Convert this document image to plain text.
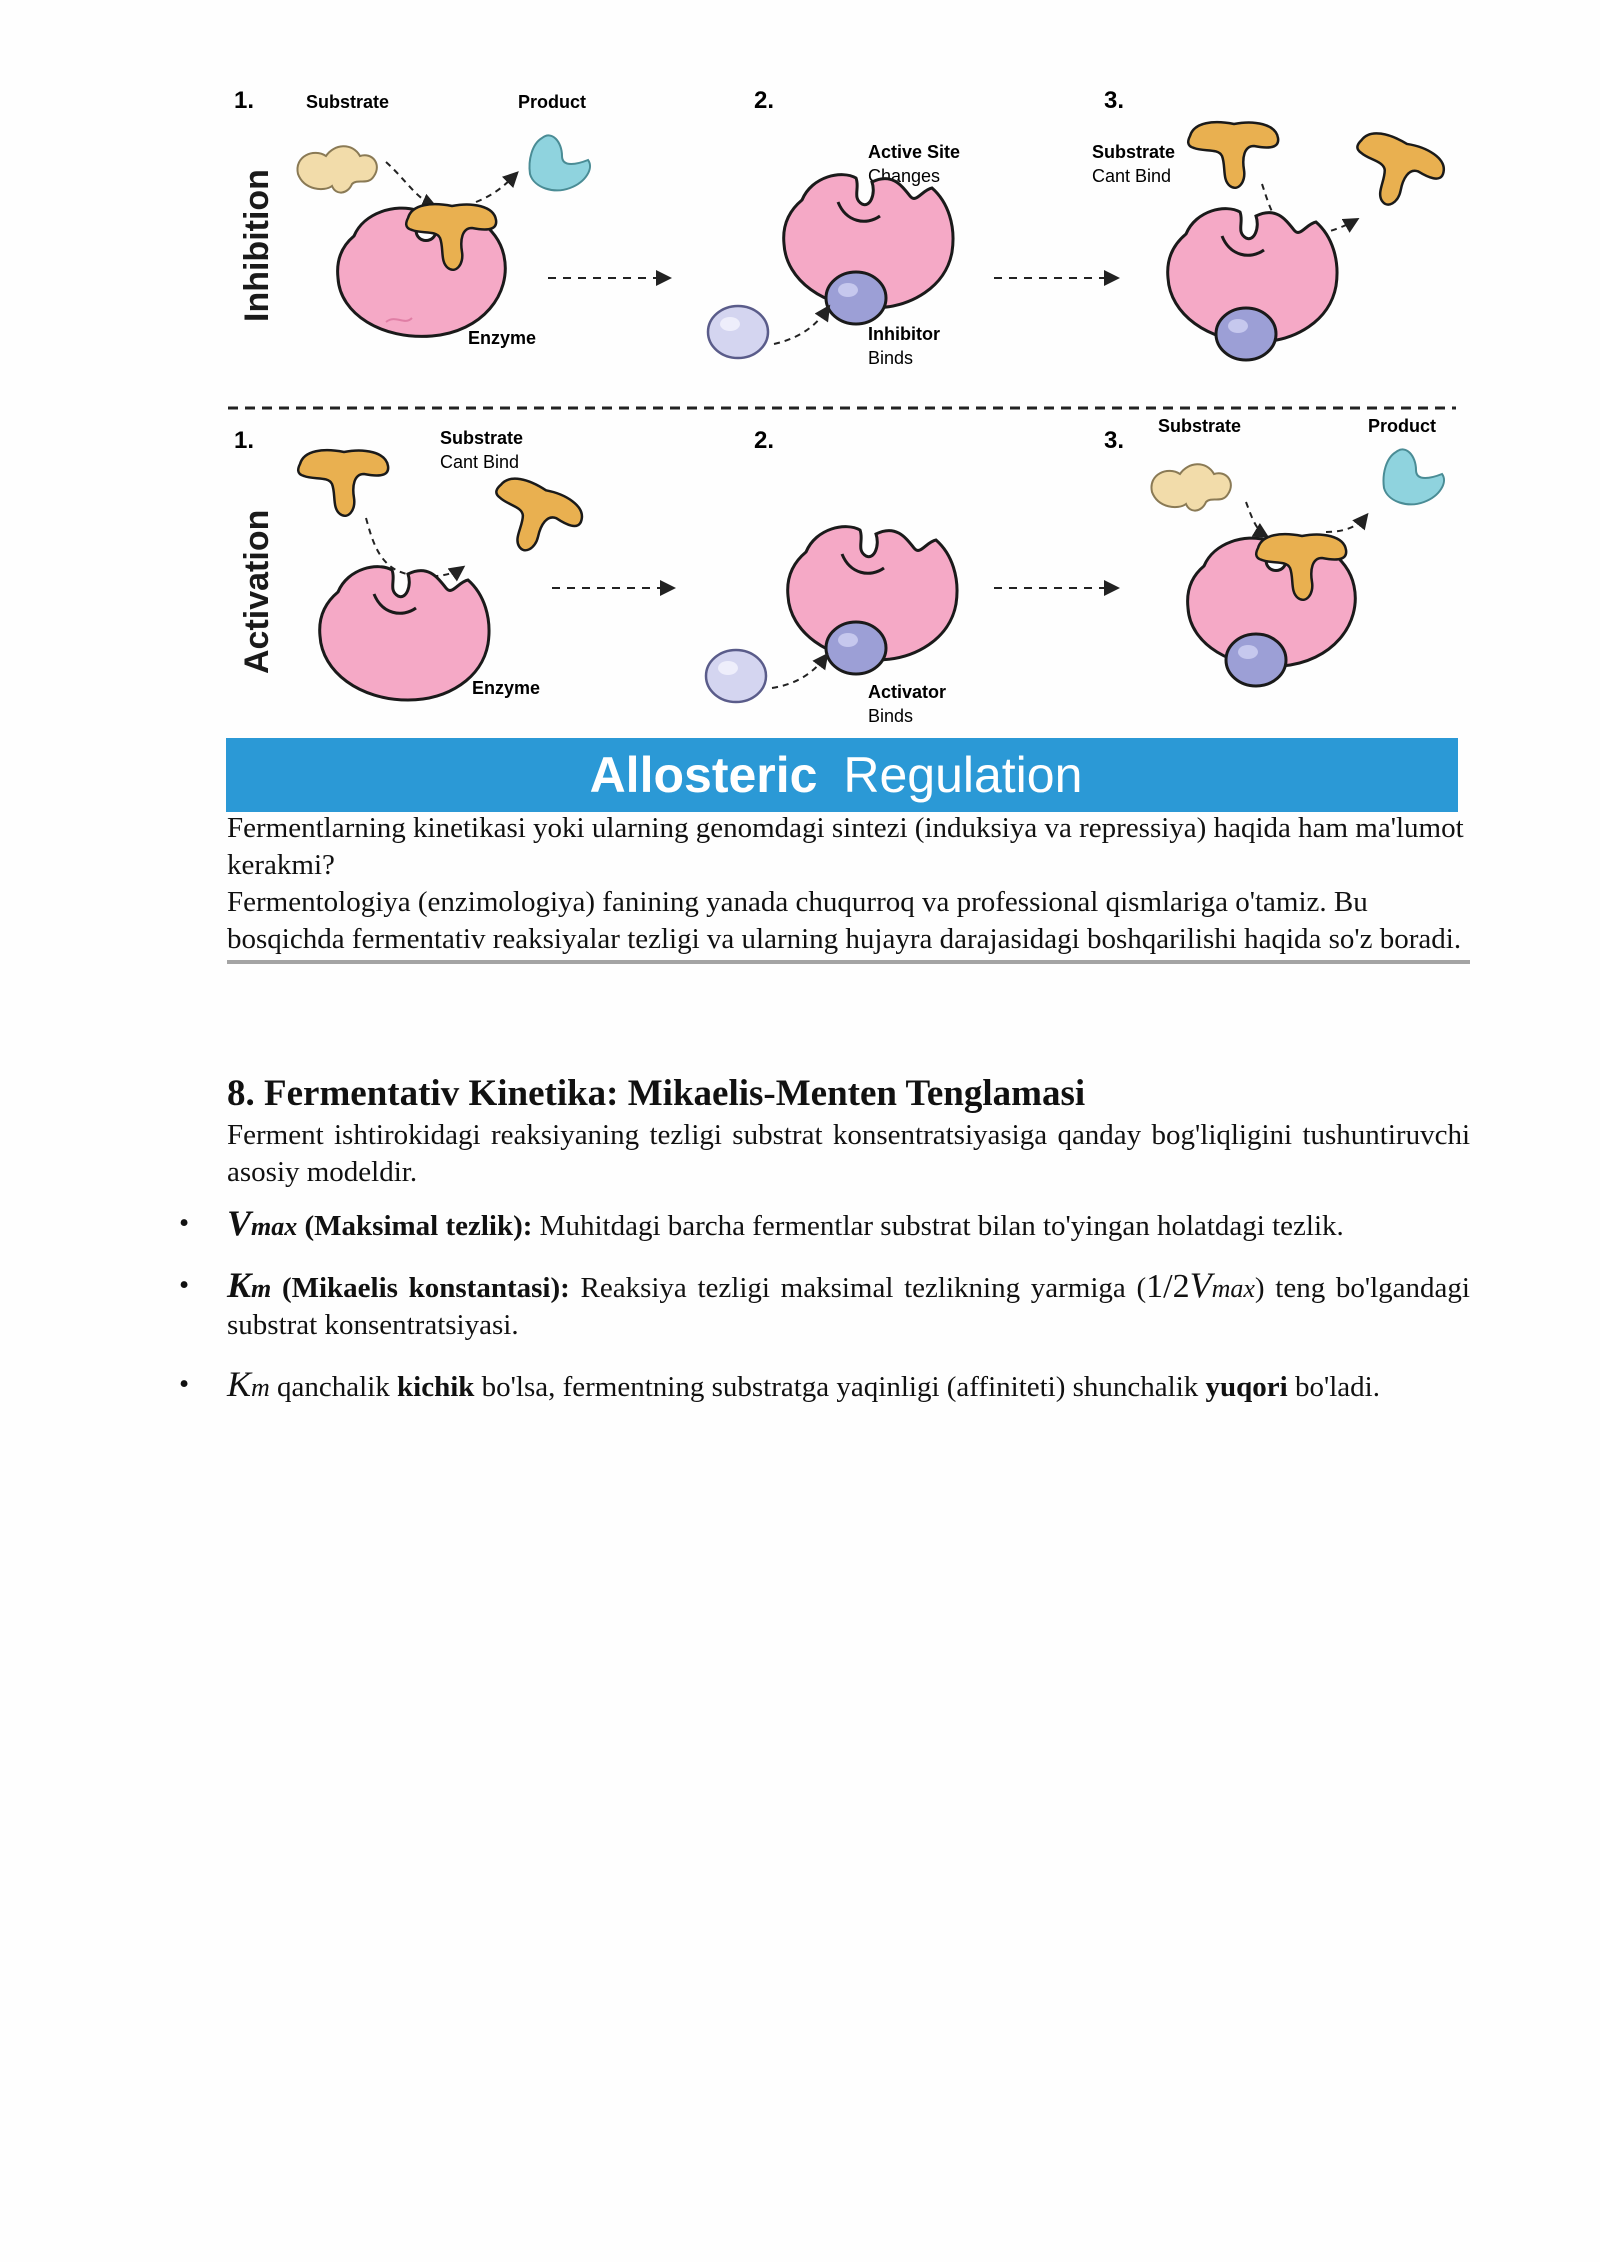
Inhibition
1.	Substrate	Product
Enzyme
2.
Active Site
Changes
Inhibitor
Binds
3.
Substrate
Cant Bind
Activation
1.	Substrate
Cant Bind
Enzyme
2.
Activator
Binds
3.
Substrate	Product
Allosteric Regulation

Fermentlarning kinetikasi yoki ularning genomdagi sintezi (induksiya va repressiya) haqida ham ma'lumot kerakmi?

Fermentologiya (enzimologiya) fanining yanada chuqurroq va professional qismlariga o'tamiz. Bu bosqichda fermentativ reaksiyalar tezligi va ularning hujayra darajasidagi boshqarilishi haqida so'z boradi.

8. Fermentativ Kinetika: Mikaelis-Menten Tenglamasi

Ferment ishtirokidagi reaksiyaning tezligi substrat konsentratsiyasiga qanday bog'liqligini tushuntiruvchi asosiy modeldir.

• Vmax (Maksimal tezlik): Muhitdagi barcha fermentlar substrat bilan to'yingan holatdagi tezlik.
• Km (Mikaelis konstantasi): Reaksiya tezligi maksimal tezlikning yarmiga (1/2Vmax) teng bo'lgandagi substrat konsentratsiyasi.
• Km qanchalik kichik bo'lsa, fermentning substratga yaqinligi (affiniteti) shunchalik yuqori bo'ladi.
